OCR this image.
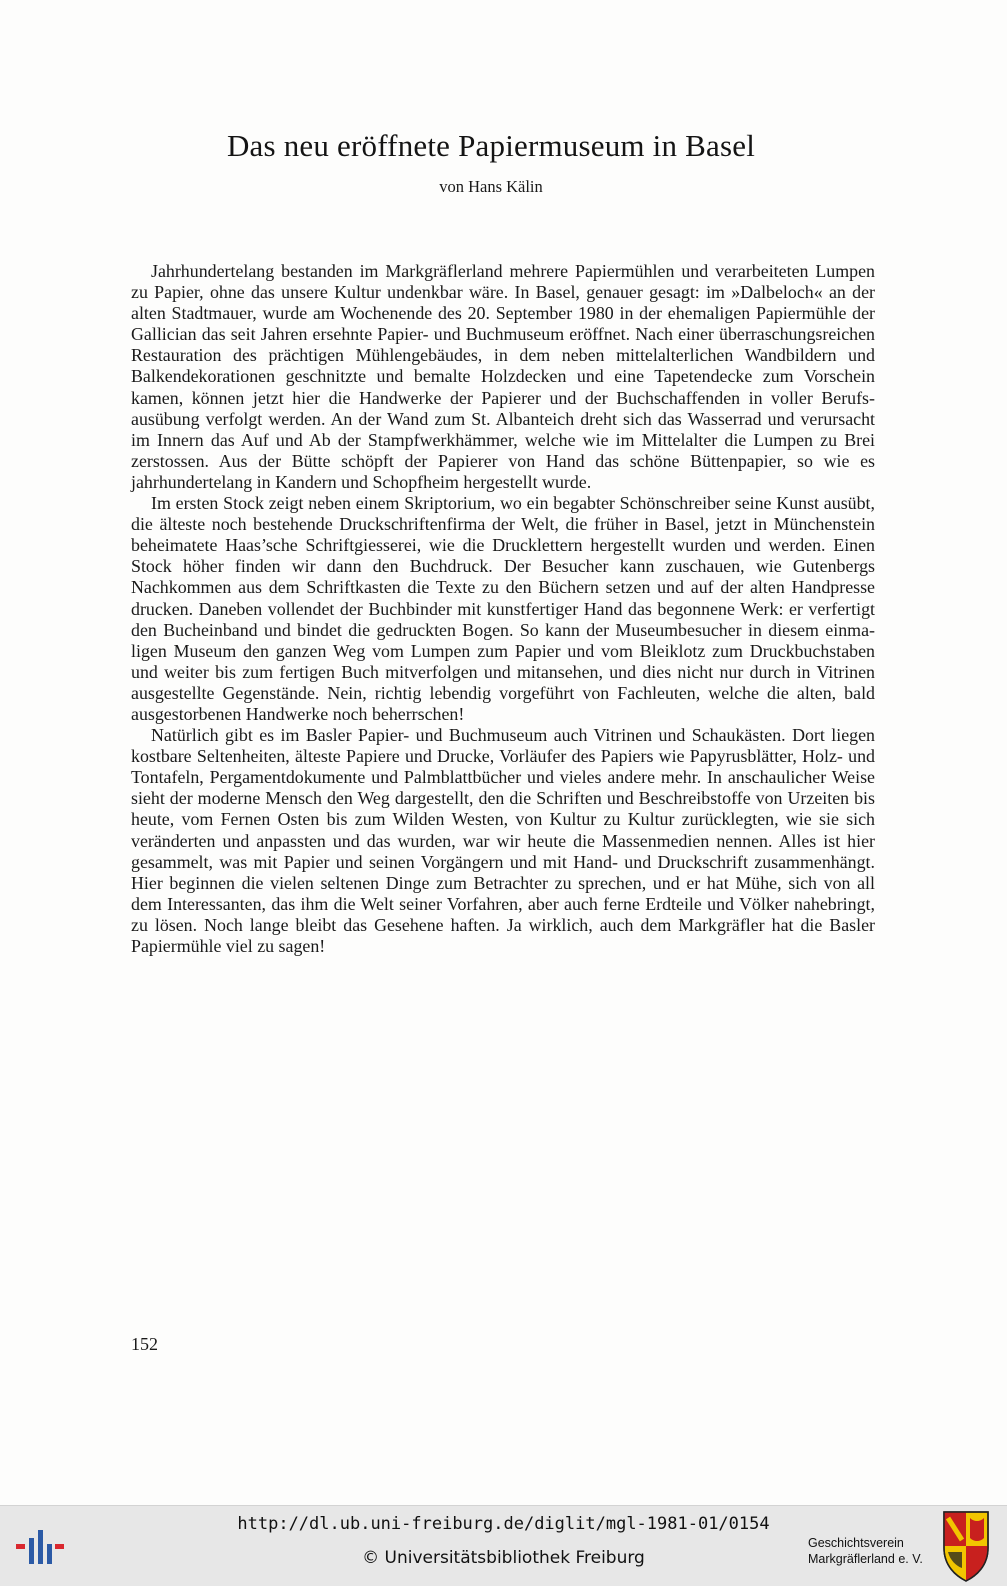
Das neu eröffnete Papiermuseum in Basel
von Hans Kälin

Jahrhundertelang bestanden im Markgräflerland mehrere Papiermühlen und verarbeiteten Lumpen zu Papier, ohne das unsere Kultur undenkbar wäre. In Basel, genauer gesagt: im »Dalbeloch« an der alten Stadtmauer, wurde am Wochenende des 20. September 1980 in der ehemaligen Papiermühle der Gallician das seit Jahren ersehnte Papier- und Buchmuseum eröffnet. Nach einer überraschungsreichen Restauration des prächtigen Mühlengebäudes, in dem neben mittelalterlichen Wandbildern und Balkendekorationen geschnitzte und bemalte Holzdecken und eine Tapetendecke zum Vorschein kamen, können jetzt hier die Handwerke der Papierer und der Buchschaffenden in voller Berufsausübung verfolgt werden. An der Wand zum St. Albanteich dreht sich das Wasserrad und verursacht im Innern das Auf und Ab der Stampfwerkhämmer, welche wie im Mittelalter die Lumpen zu Brei zerstossen. Aus der Bütte schöpft der Papierer von Hand das schöne Büttenpapier, so wie es jahrhundertelang in Kandern und Schopfheim hergestellt wurde.

Im ersten Stock zeigt neben einem Skriptorium, wo ein begabter Schönschreiber seine Kunst ausübt, die älteste noch bestehende Druckschriftenfirma der Welt, die früher in Basel, jetzt in Münchenstein beheimatete Haas’sche Schriftgiesserei, wie die Drucklettern hergestellt wurden und werden. Einen Stock höher finden wir dann den Buchdruck. Der Besucher kann zuschauen, wie Gutenbergs Nachkommen aus dem Schriftkasten die Texte zu den Büchern setzen und auf der alten Handpresse drucken. Daneben vollendet der Buchbinder mit kunstfertiger Hand das begonnene Werk: er verfertigt den Bucheinband und bindet die gedruckten Bogen. So kann der Museumbesucher in diesem einmaligen Museum den ganzen Weg vom Lumpen zum Papier und vom Bleiklotz zum Druckbuchstaben und weiter bis zum fertigen Buch mitverfolgen und mitansehen, und dies nicht nur durch in Vitrinen ausgestellte Gegenstände. Nein, richtig lebendig vorgeführt von Fachleuten, welche die alten, bald ausgestorbenen Handwerke noch beherrschen!

Natürlich gibt es im Basler Papier- und Buchmuseum auch Vitrinen und Schaukästen. Dort liegen kostbare Seltenheiten, älteste Papiere und Drucke, Vorläufer des Papiers wie Papyrusblätter, Holz- und Tontafeln, Pergamentdokumente und Palmblattbücher und vieles andere mehr. In anschaulicher Weise sieht der moderne Mensch den Weg dargestellt, den die Schriften und Beschreibstoffe von Urzeiten bis heute, vom Fernen Osten bis zum Wilden Westen, von Kultur zu Kultur zurücklegten, wie sie sich veränderten und anpassten und das wurden, war wir heute die Massenmedien nennen. Alles ist hier gesammelt, was mit Papier und seinen Vorgängern und mit Hand- und Druckschrift zusammenhängt. Hier beginnen die vielen seltenen Dinge zum Betrachter zu sprechen, und er hat Mühe, sich von all dem Interessanten, das ihm die Welt seiner Vorfahren, aber auch ferne Erdteile und Völker nahebringt, zu lösen. Noch lange bleibt das Gesehene haften. Ja wirklich, auch dem Markgräfler hat die Basler Papiermühle viel zu sagen!

152
http://dl.ub.uni-freiburg.de/diglit/mgl-1981-01/0154
© Universitätsbibliothek Freiburg
Geschichtsverein
Markgräflerland e. V.
